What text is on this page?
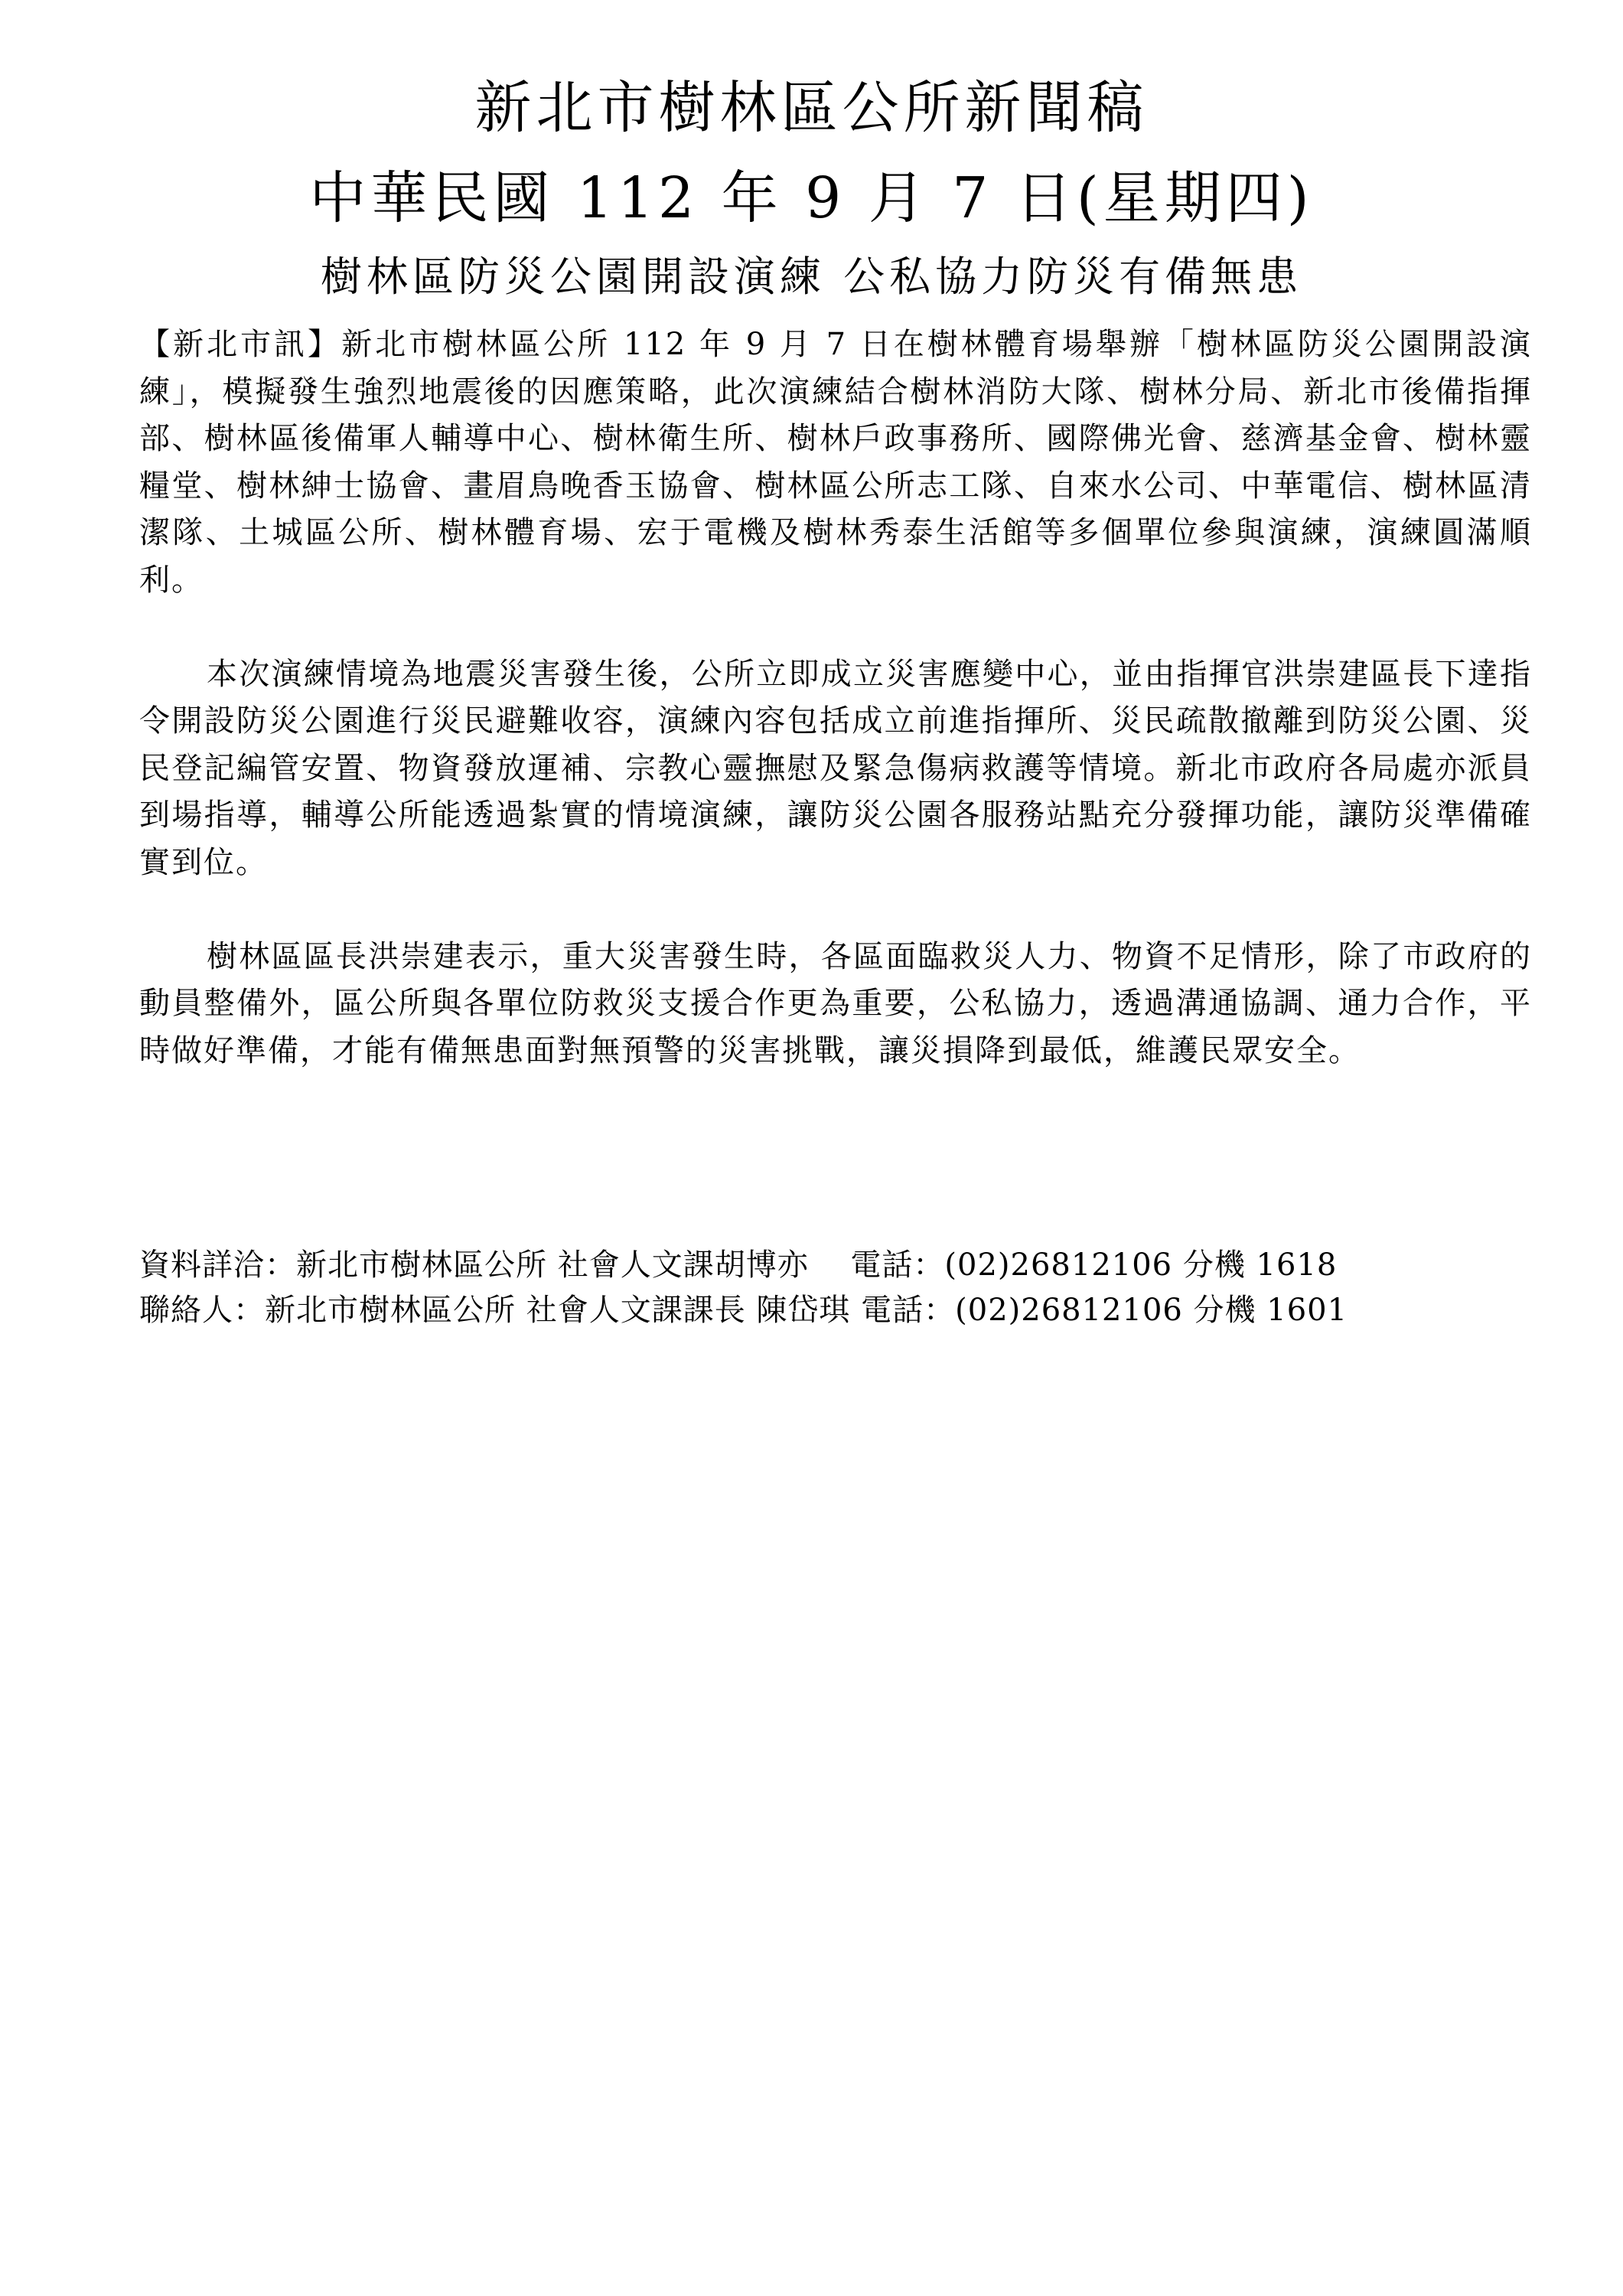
新北市樹林區公所新聞稿
中華民國 112 年 9 月 7 日(星期四)
樹林區防災公園開設演練 公私協力防災有備無患

【新北市訊】新北市樹林區公所 112 年 9 月 7 日在樹林體育場舉辦「樹林區防災公園開設演練」，模擬發生強烈地震後的因應策略，此次演練結合樹林消防大隊、樹林分局、新北市後備指揮部、樹林區後備軍人輔導中心、樹林衛生所、樹林戶政事務所、國際佛光會、慈濟基金會、樹林靈糧堂、樹林紳士協會、畫眉鳥晚香玉協會、樹林區公所志工隊、自來水公司、中華電信、樹林區清潔隊、土城區公所、樹林體育場、宏于電機及樹林秀泰生活館等多個單位參與演練，演練圓滿順利。

本次演練情境為地震災害發生後，公所立即成立災害應變中心，並由指揮官洪崇建區長下達指令開設防災公園進行災民避難收容，演練內容包括成立前進指揮所、災民疏散撤離到防災公園、災民登記編管安置、物資發放運補、宗教心靈撫慰及緊急傷病救護等情境。新北市政府各局處亦派員到場指導，輔導公所能透過紮實的情境演練，讓防災公園各服務站點充分發揮功能，讓防災準備確實到位。

樹林區區長洪崇建表示，重大災害發生時，各區面臨救災人力、物資不足情形，除了市政府的動員整備外，區公所與各單位防救災支援合作更為重要，公私協力，透過溝通協調、通力合作，平時做好準備，才能有備無患面對無預警的災害挑戰，讓災損降到最低，維護民眾安全。

資料詳洽：新北市樹林區公所 社會人文課胡博亦 　電話：(02)26812106 分機 1618
聯絡人：新北市樹林區公所 社會人文課課長 陳岱琪 電話：(02)26812106 分機 1601
